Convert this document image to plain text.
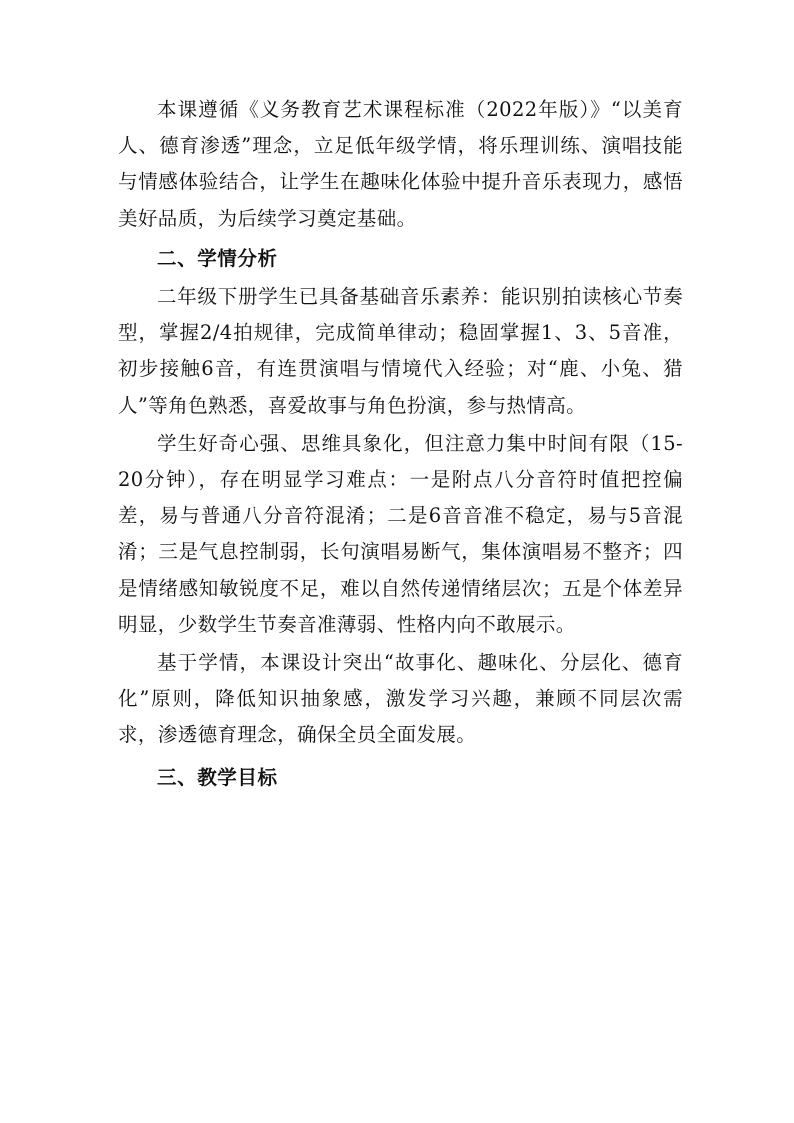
本课遵循《义务教育艺术课程标准（2022年版）》“以美育人、德育渗透”理念，立足低年级学情，将乐理训练、演唱技能与情感体验结合，让学生在趣味化体验中提升音乐表现力，感悟美好品质，为后续学习奠定基础。

二、学情分析

二年级下册学生已具备基础音乐素养：能识别拍读核心节奏型，掌握2/4拍规律，完成简单律动；稳固掌握1、3、5音准，初步接触6音，有连贯演唱与情境代入经验；对“鹿、小兔、猎人”等角色熟悉，喜爱故事与角色扮演，参与热情高。

学生好奇心强、思维具象化，但注意力集中时间有限（15-20分钟），存在明显学习难点：一是附点八分音符时值把控偏差，易与普通八分音符混淆；二是6音音准不稳定，易与5音混淆；三是气息控制弱，长句演唱易断气，集体演唱易不整齐；四是情绪感知敏锐度不足，难以自然传递情绪层次；五是个体差异明显，少数学生节奏音准薄弱、性格内向不敢展示。

基于学情，本课设计突出“故事化、趣味化、分层化、德育化”原则，降低知识抽象感，激发学习兴趣，兼顾不同层次需求，渗透德育理念，确保全员全面发展。

三、教学目标
